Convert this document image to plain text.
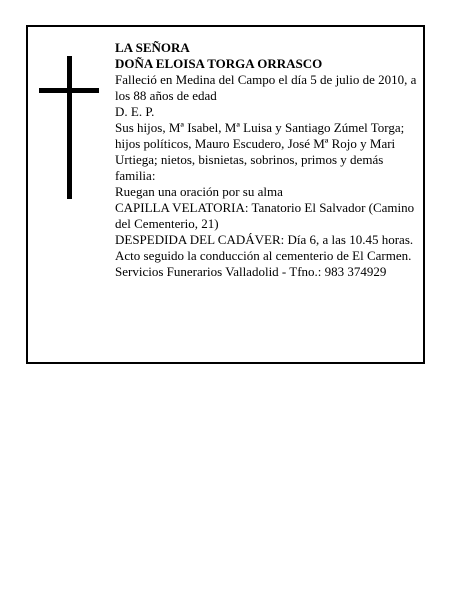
LA SEÑORA

DOÑA ELOISA TORGA ORRASCO

Falleció en Medina del Campo el día 5 de julio de 2010, a los 88 años de edad

D. E. P.

Sus hijos, Mª Isabel, Mª Luisa y Santiago Zúmel Torga; hijos políticos, Mauro Escudero, José Mª Rojo y Mari Urtiega; nietos, bisnietas, sobrinos, primos y demás familia:

Ruegan una oración por su alma

CAPILLA VELATORIA: Tanatorio El Salvador (Camino del Cementerio, 21)

DESPEDIDA DEL CADÁVER: Día 6, a las 10.45 horas. Acto seguido la conducción al cementerio de El Carmen.

Servicios Funerarios Valladolid - Tfno.: 983 374929
